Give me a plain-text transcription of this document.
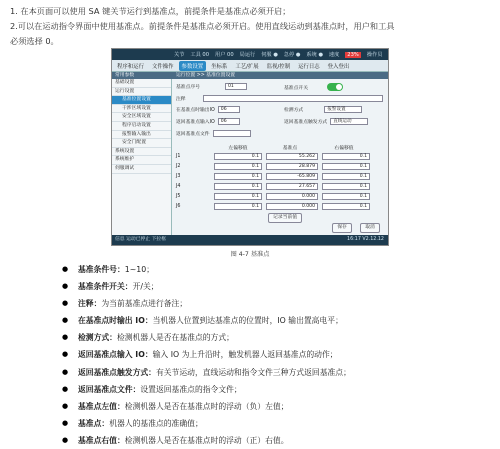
1. 在本页面可以使用 SA 键关节运行到基准点，前提条件是基准点必须开启；

2.可以在运动指令界面中使用基准点。前提条件是基准点必须开启。使用直线运动到基准点时，用户和工具

必须选择 0。

关节 工具 00 用户 00 局运行 伺服 ● 急停 ● 系统 ● 速度	23%	操作员
程序和运行	文件操作	参数设置	坐标系	工艺/扩展	监视/控制	运行日志	登入登出
常用参数	运行位置 >> 基准位置设置
基础设置
运行设置
基准位置设置
干涉区域设置
安全区域设置
程序启动设置
报警输入输出
安全门配置
系统设置
系统维护
伺服调试
基准点序号	01	基准点开关
注释
在基准点时输出IO	06	检测方式	报警设置
返回基准点输入IO	06	返回基准点触发方式	直线运动
返回基准点文件
左偏移值	基准点	右偏移值
J1	0.1	55.262	0.1
J2	0.1	28.879	0.1
J3	0.1	-65.809	0.1
J4	0.1	27.657	0.1
J5	0.1	0.000	0.1
J6	0.1	0.000	0.1
记录当前值
保存	取消
信息 运动已停止 下拉框	16:17 V2.12.12
图 4-7 基准点
● 基准条件号：1~10；
● 基准条件开关：开/关；
● 注释：为当前基准点进行备注；
● 在基准点时输出 IO：当机器人位置到达基准点的位置时，IO 输出置高电平；
● 检测方式：检测机器人是否在基准点的方式；
● 返回基准点输入 IO：输入 IO 为上升沿时，触发机器人返回基准点的动作；
● 返回基准点触发方式：有关节运动，直线运动和指令文件三种方式返回基准点；
● 返回基准点文件：设置返回基准点的指令文件；
● 基准点左值：检测机器人是否在基准点时的浮动（负）左值；
● 基准点：机器人的基准点的准确值；
● 基准点右值：检测机器人是否在基准点时的浮动（正）右值。
